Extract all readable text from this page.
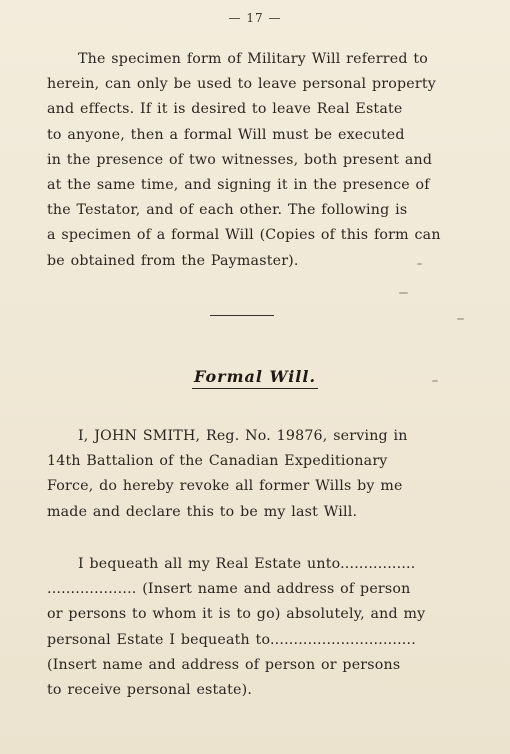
— 17 —
The specimen form of Military Will referred to
herein, can only be used to leave personal property
and effects. If it is desired to leave Real Estate
to anyone, then a formal Will must be executed
in the presence of two witnesses, both present and
at the same time, and signing it in the presence of
the Testator, and of each other. The following is
a specimen of a formal Will (Copies of this form can
be obtained from the Paymaster).
Formal Will.
I, JOHN SMITH, Reg. No. 19876, serving in
14th Battalion of the Canadian Expeditionary
Force, do hereby revoke all former Wills by me
made and declare this to be my last Will.
I bequeath all my Real Estate unto................
................... (Insert name and address of person
or persons to whom it is to go) absolutely, and my
personal Estate I bequeath to...............................
(Insert name and address of person or persons
to receive personal estate).
